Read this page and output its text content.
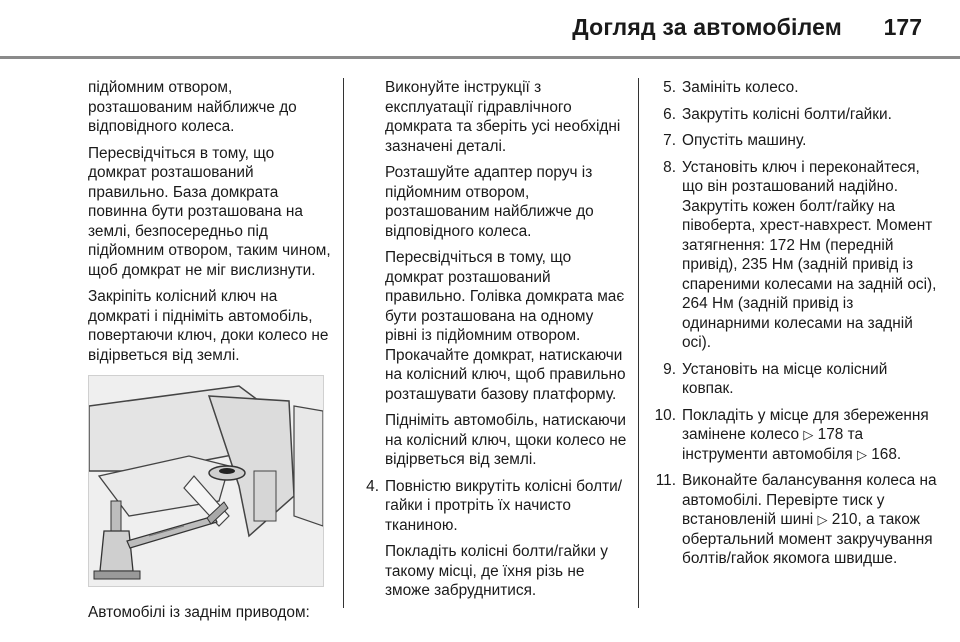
Догляд за автомобілем 177

підйомним отвором, розташованим найближче до відповідного колеса.

Пересвідчіться в тому, що домкрат розташований правильно. База домкрата повинна бути розташована на землі, безпосередньо під підйомним отвором, таким чином, щоб домкрат не міг вислизнути.

Закріпіть колісний ключ на домкраті і підніміть автомобіль, повертаючи ключ, доки колесо не відірветься від землі.

Автомобілі із заднім приводом:

Виконуйте інструкції з експлуатації гідравлічного домкрата та зберіть усі необхідні зазначені деталі.

Розташуйте адаптер поруч із підйомним отвором, розташованим найближче до відповідного колеса.

Пересвідчіться в тому, що домкрат розташований правильно. Голівка домкрата має бути розташована на одному рівні із підйомним отвором. Прокачайте домкрат, натискаючи на колісний ключ, щоб правильно розташувати базову платформу.

Підніміть автомобіль, натискаючи на колісний ключ, щоки колесо не відірветься від землі.

4. Повністю викрутіть колісні болти/гайки і протріть їх начисто тканиною.

Покладіть колісні болти/гайки у такому місці, де їхня різь не зможе забруднитися.

5. Замініть колесо.
6. Закрутіть колісні болти/гайки.
7. Опустіть машину.
8. Установіть ключ і переконайтеся, що він розташований надійно. Закрутіть кожен болт/гайку на півоберта, хрест-навхрест. Момент затягнення: 172 Нм (передній привід), 235 Нм (задній привід із спареними колесами на задній осі), 264 Нм (задній привід із одинарними колесами на задній осі).
9. Установіть на місце колісний ковпак.
10. Покладіть у місце для збереження замінене колесо ▷ 178 та інструменти автомобіля ▷ 168.
11. Виконайте балансування колеса на автомобілі. Перевірте тиск у встановленій шині ▷ 210, а також обертальний момент закручування болтів/гайок якомога швидше.
